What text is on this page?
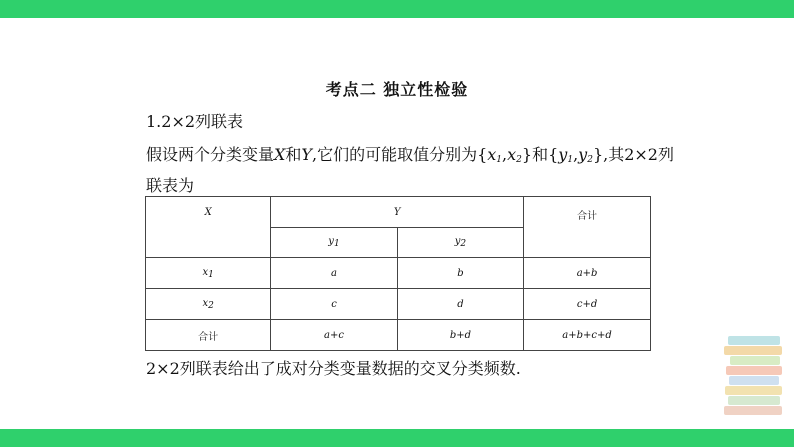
考点二 独立性检验
1.2×2列联表
假设两个分类变量X和Y,它们的可能取值分别为$\{x_1,x_2\}$和$\{y_1,y_2\}$,其2×2列
联表为
X	Y		合计
	y1	y2	
x1	a	b	a+b
x2	c	d	c+d
合计	a+c	b+d	a+b+c+d
2×2列联表给出了成对分类变量数据的交叉分类频数.
